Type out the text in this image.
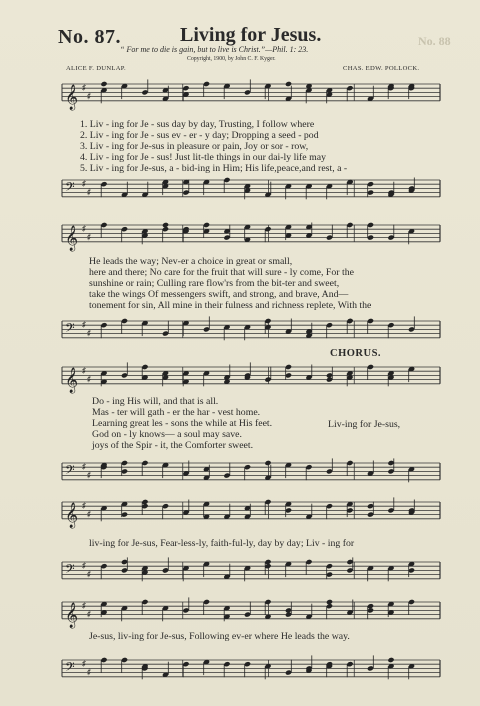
No. 87.	Living for Jesus.	No. 88
“ For me to die is gain, but to live is Christ.”—Phil. 1: 23.
Copyright, 1900, by John C. F. Kyger.
ALICE F. DUNLAP.	CHAS. EDW. POLLOCK.
𝄞 ♯
♯
1. Liv - ing for Je - sus day by day, Trusting, I follow where
2. Liv - ing for Je - sus ev - er - y day; Dropping a seed - pod
3. Liv - ing for Je-sus in pleasure or pain, Joy or sor - row,
4. Liv - ing for Je - sus! Just lit-tle things in our dai-ly life may
5. Liv - ing for Je-sus, a - bid-ing in Him; His life,peace,and rest, a -
𝄢 ♯
♯
𝄞 ♯
♯
He leads the way; Nev-er a choice in great or small,
here and there; No care for the fruit that will sure - ly come, For the
sunshine or rain; Culling rare flow'rs from the bit-ter and sweet,
take the wings Of messengers swift, and strong, and brave, And—
tonement for sin, All mine in their fulness and richness replete, With the
𝄢 ♯
♯
CHORUS.
𝄞 ♯
♯
Do - ing His will, and that is all.
Mas - ter will gath - er the har - vest home.
Learning great les - sons the while at His feet.
God on - ly knows— a soul may save.
joys of the Spir - it, the Comforter sweet.
Liv-ing for Je-sus,
𝄢 ♯
♯
𝄞 ♯
♯
liv-ing for Je-sus, Fear-less-ly, faith-ful-ly, day by day; Liv - ing for
𝄢 ♯
♯
𝄞 ♯
♯
Je-sus, liv-ing for Je-sus, Following ev-er where He leads the way.
𝄢 ♯
♯
